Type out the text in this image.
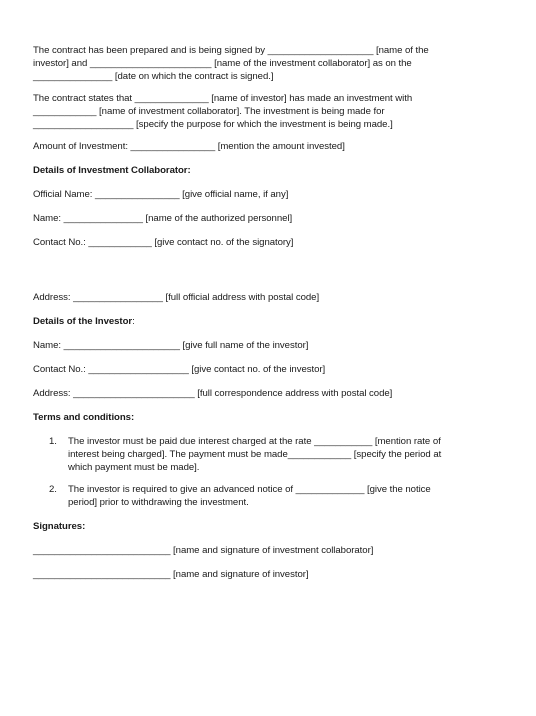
The contract has been prepared and is being signed by ____________________ [name of the

investor] and _______________________ [name of the investment collaborator] as on the

_______________ [date on which the contract is signed.]

The contract states that ______________ [name of investor] has made an investment with

____________ [name of investment collaborator]. The investment is being made for

___________________ [specify the purpose for which the investment is being made.]

Amount of Investment: ________________ [mention the amount invested]

Details of Investment Collaborator:

Official Name: ________________ [give official name, if any]

Name: _______________ [name of the authorized personnel]

Contact No.: ____________ [give contact no. of the signatory]

Address: _________________ [full official address with postal code]

Details of the Investor:

Name: ______________________ [give full name of the investor]

Contact No.: ___________________ [give contact no. of the investor]

Address: _______________________ [full correspondence address with postal code]

Terms and conditions:

1. The investor must be paid due interest charged at the rate ___________ [mention rate of

interest being charged]. The payment must be made____________ [specify the period at

which payment must be made].

2. The investor is required to give an advanced notice of _____________ [give the notice

period] prior to withdrawing the investment.

Signatures:

__________________________ [name and signature of investment collaborator]

__________________________ [name and signature of investor]
